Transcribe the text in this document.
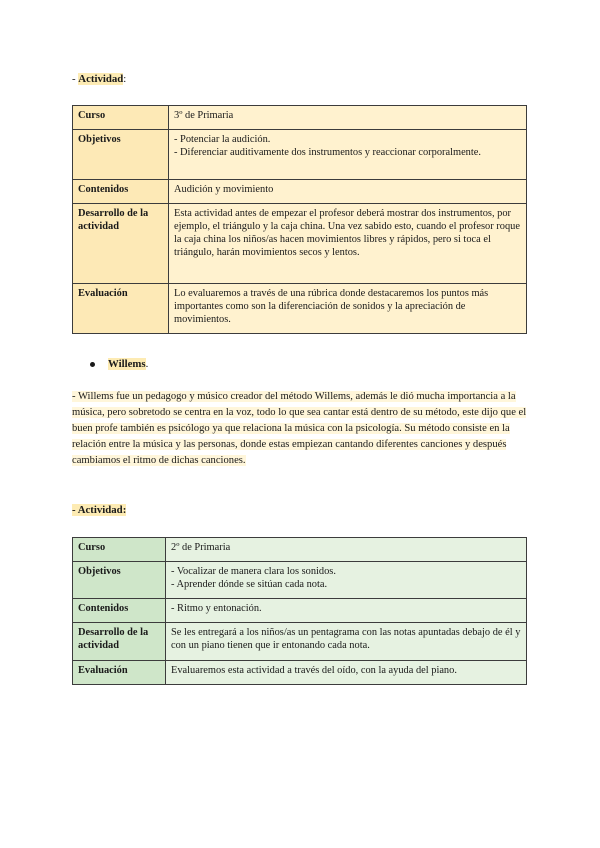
- Actividad:
Curso	3º de Primaria

Objetivos	- Potenciar la audición.
- Diferenciar auditivamente dos instrumentos y reaccionar corporalmente.

Contenidos	Audición y movimiento

Desarrollo de la actividad	Esta actividad antes de empezar el profesor deberá mostrar dos instrumentos, por ejemplo, el triángulo y la caja china. Una vez sabido esto, cuando el profesor roque la caja china los niños/as hacen movimientos libres y rápidos, pero si toca el triángulo, harán movimientos secos y lentos.

Evaluación	Lo evaluaremos a través de una rúbrica donde destacaremos los puntos más importantes como son la diferenciación de sonidos y la apreciación de movimientos.
Willems.
- Willems fue un pedagogo y músico creador del método Willems, además le dió mucha importancia a la música, pero sobretodo se centra en la voz, todo lo que sea cantar está dentro de su método, este dijo que el buen profe también es psicólogo ya que relaciona la música con la psicología. Su método consiste en la relación entre la música y las personas, donde estas empiezan cantando diferentes canciones y después cambiamos el ritmo de dichas canciones.
- Actividad:
Curso	2º de Primaria

Objetivos	- Vocalizar de manera clara los sonidos.
- Aprender dónde se sitúan cada nota.

Contenidos	- Ritmo y entonación.

Desarrollo de la actividad	Se les entregará a los niños/as un pentagrama con las notas apuntadas debajo de él y con un piano tienen que ir entonando cada nota.

Evaluación	Evaluaremos esta actividad a través del oído, con la ayuda del piano.
